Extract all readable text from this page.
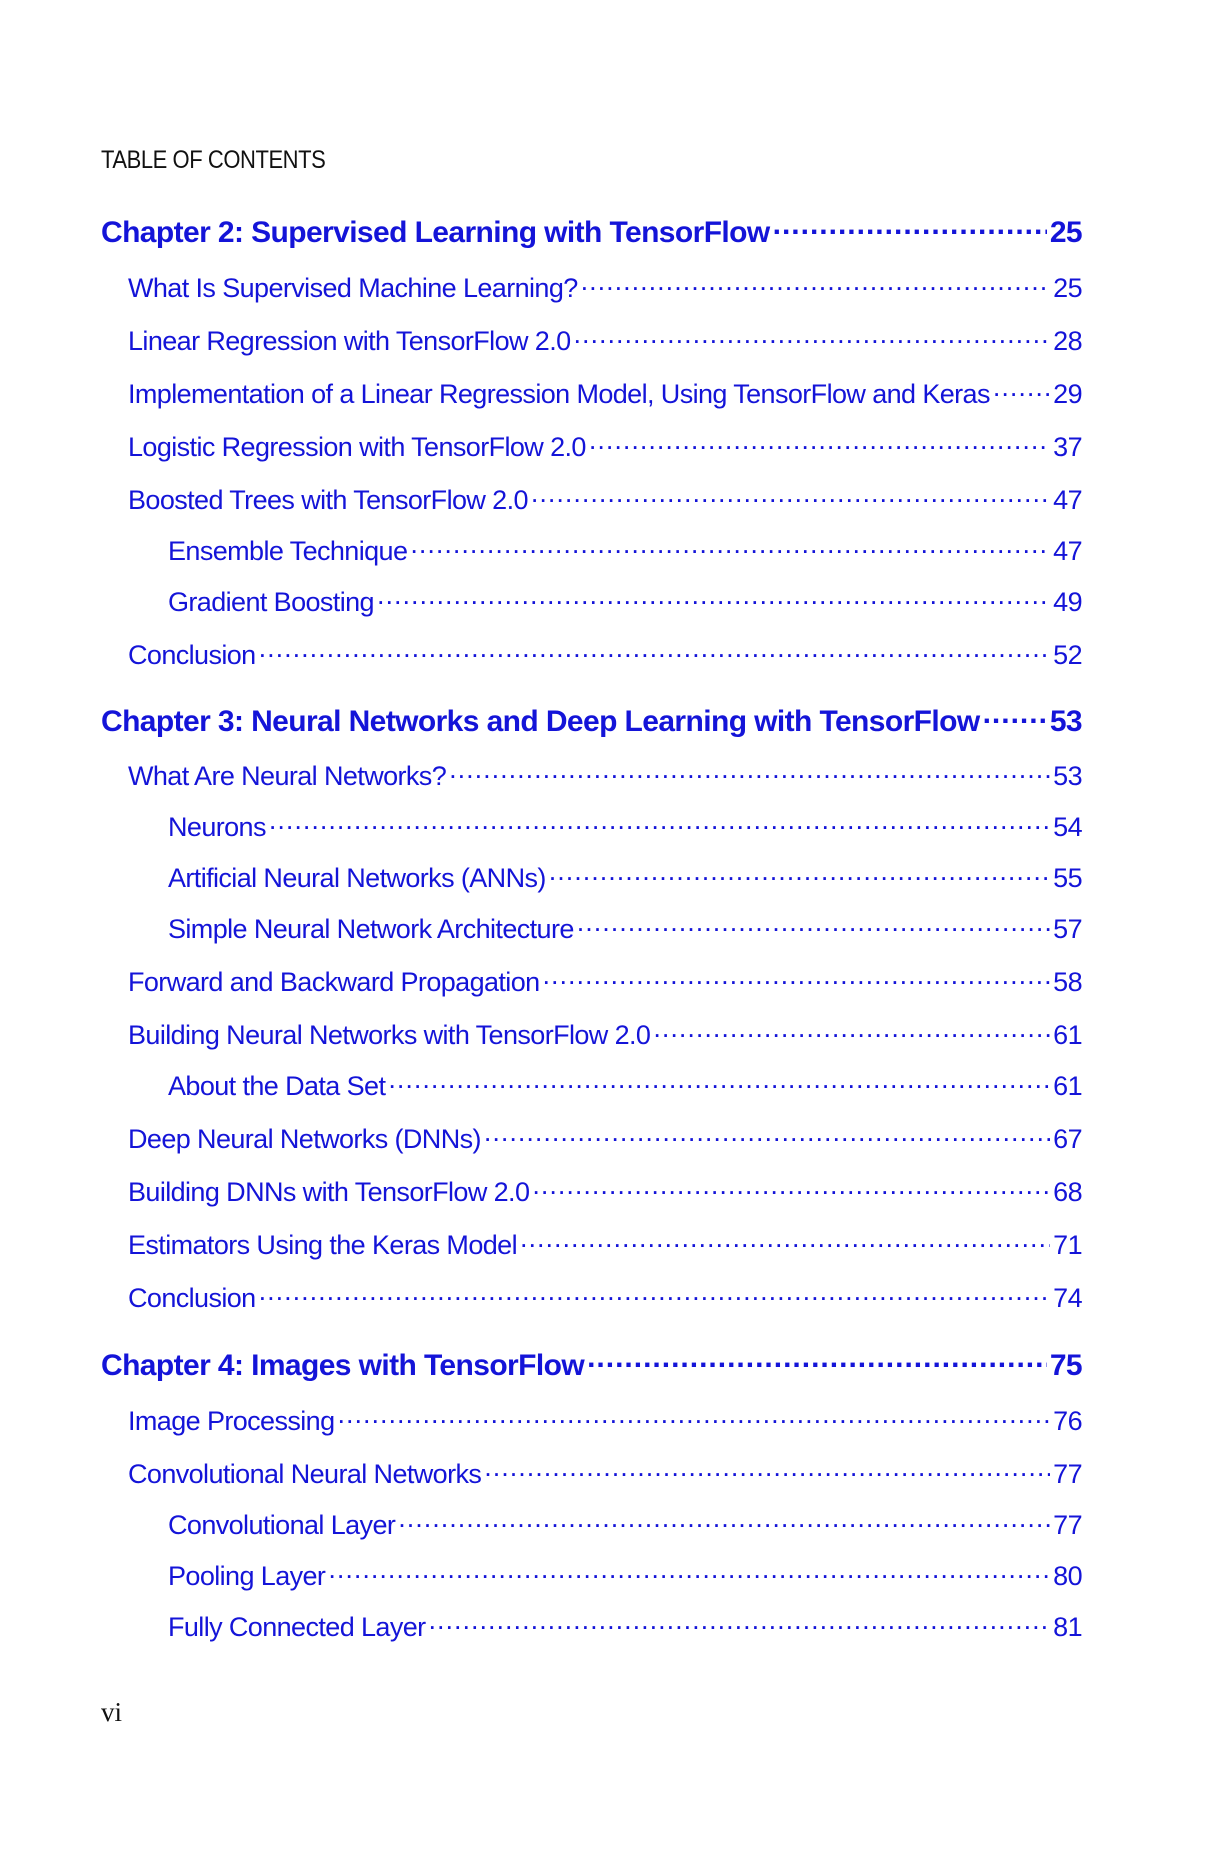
TABLE OF CONTENTS
Chapter 2: Supervised Learning with TensorFlow .....	25
What Is Supervised Machine Learning? .....	25
Linear Regression with TensorFlow 2.0 .....	28
Implementation of a Linear Regression Model, Using TensorFlow and Keras ..... 29
Logistic Regression with TensorFlow 2.0 .....	37
Boosted Trees with TensorFlow 2.0 .....	47
Ensemble Technique .....	47
Gradient Boosting .....	49
Conclusion .....	52
Chapter 3: Neural Networks and Deep Learning with TensorFlow ..... 53
What Are Neural Networks? .....	53
Neurons .....	54
Artificial Neural Networks (ANNs) .....	55
Simple Neural Network Architecture .....	57
Forward and Backward Propagation .....	58
Building Neural Networks with TensorFlow 2.0 .....	61
About the Data Set .....	61
Deep Neural Networks (DNNs) .....	67
Building DNNs with TensorFlow 2.0 .....	68
Estimators Using the Keras Model .....	71
Conclusion .....	74
Chapter 4: Images with TensorFlow .....	75
Image Processing .....	76
Convolutional Neural Networks .....	77
Convolutional Layer .....	77
Pooling Layer .....	80
Fully Connected Layer .....	81
vi
